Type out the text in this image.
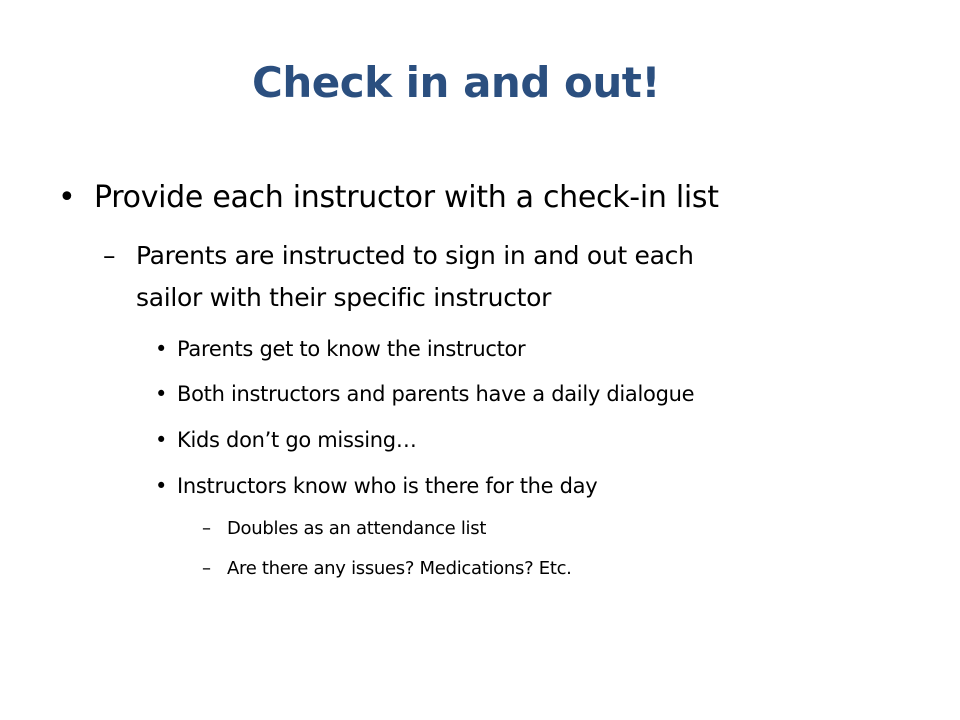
Check in and out!
• Provide each instructor with a check-in list
– Parents are instructed to sign in and out each
sailor with their specific instructor
• Parents get to know the instructor
• Both instructors and parents have a daily dialogue
• Kids don’t go missing…
• Instructors know who is there for the day
– Doubles as an attendance list
– Are there any issues? Medications? Etc.
